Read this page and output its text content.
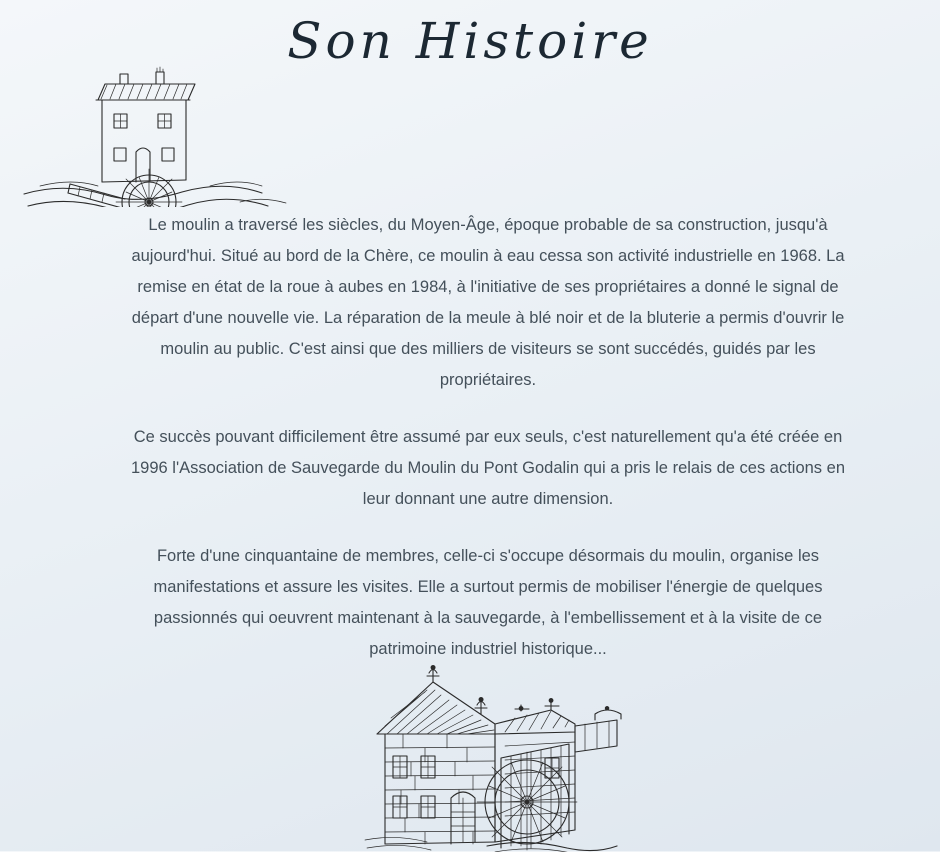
Son Histoire

Le moulin a traversé les siècles, du Moyen-Âge, époque probable de sa construction, jusqu'à aujourd'hui. Situé au bord de la Chère, ce moulin à eau cessa son activité industrielle en 1968. La remise en état de la roue à aubes en 1984, à l'initiative de ses propriétaires a donné le signal de départ d'une nouvelle vie. La réparation de la meule à blé noir et de la bluterie a permis d'ouvrir le moulin au public. C'est ainsi que des milliers de visiteurs se sont succédés, guidés par les propriétaires.

Ce succès pouvant difficilement être assumé par eux seuls, c'est naturellement qu'a été créée en 1996 l'Association de Sauvegarde du Moulin du Pont Godalin qui a pris le relais de ces actions en leur donnant une autre dimension.

Forte d'une cinquantaine de membres, celle-ci s'occupe désormais du moulin, organise les manifestations et assure les visites. Elle a surtout permis de mobiliser l'énergie de quelques passionnés qui oeuvrent maintenant à la sauvegarde, à l'embellissement et à la visite de ce patrimoine industriel historique...
